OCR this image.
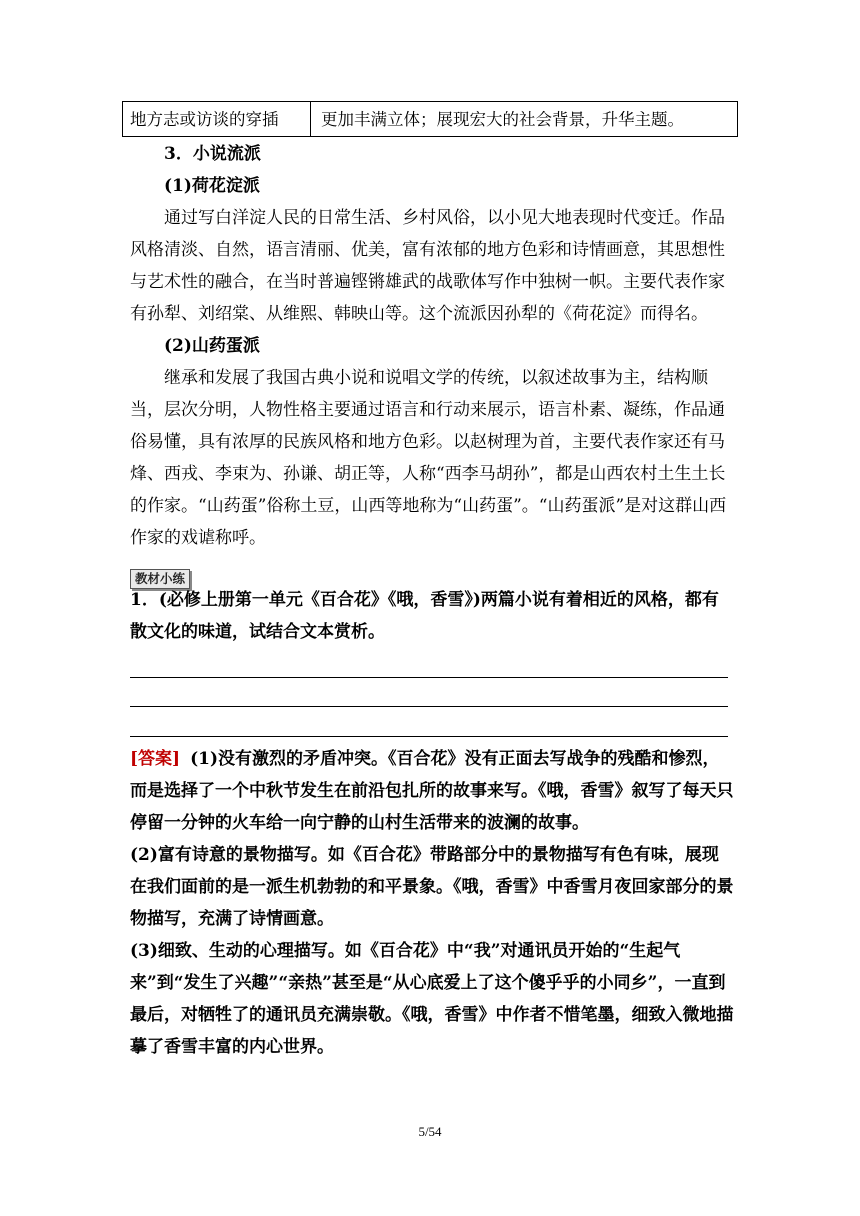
地方志或访谈的穿插	更加丰满立体；展现宏大的社会背景，升华主题。

3．小说流派

(1)荷花淀派

通过写白洋淀人民的日常生活、乡村风俗，以小见大地表现时代变迁。作品风格清淡、自然，语言清丽、优美，富有浓郁的地方色彩和诗情画意，其思想性与艺术性的融合，在当时普遍铿锵雄武的战歌体写作中独树一帜。主要代表作家有孙犁、刘绍棠、从维熙、韩映山等。这个流派因孙犁的《荷花淀》而得名。

(2)山药蛋派

继承和发展了我国古典小说和说唱文学的传统，以叙述故事为主，结构顺当，层次分明，人物性格主要通过语言和行动来展示，语言朴素、凝练，作品通俗易懂，具有浓厚的民族风格和地方色彩。以赵树理为首，主要代表作家还有马烽、西戎、李束为、孙谦、胡正等，人称“西李马胡孙”，都是山西农村土生土长的作家。“山药蛋”俗称土豆，山西等地称为“山药蛋”。“山药蛋派”是对这群山西作家的戏谑称呼。

教材小练

1．(必修上册第一单元《百合花》《哦，香雪》)两篇小说有着相近的风格，都有散文化的味道，试结合文本赏析。

[答案] (1)没有激烈的矛盾冲突。《百合花》没有正面去写战争的残酷和惨烈，而是选择了一个中秋节发生在前沿包扎所的故事来写。《哦，香雪》叙写了每天只停留一分钟的火车给一向宁静的山村生活带来的波澜的故事。

(2)富有诗意的景物描写。如《百合花》带路部分中的景物描写有色有味，展现在我们面前的是一派生机勃勃的和平景象。《哦，香雪》中香雪月夜回家部分的景物描写，充满了诗情画意。

(3)细致、生动的心理描写。如《百合花》中“我”对通讯员开始的“生起气来”到“发生了兴趣”“亲热”甚至是“从心底爱上了这个傻乎乎的小同乡”，一直到最后，对牺牲了的通讯员充满崇敬。《哦，香雪》中作者不惜笔墨，细致入微地描摹了香雪丰富的内心世界。

5/54
